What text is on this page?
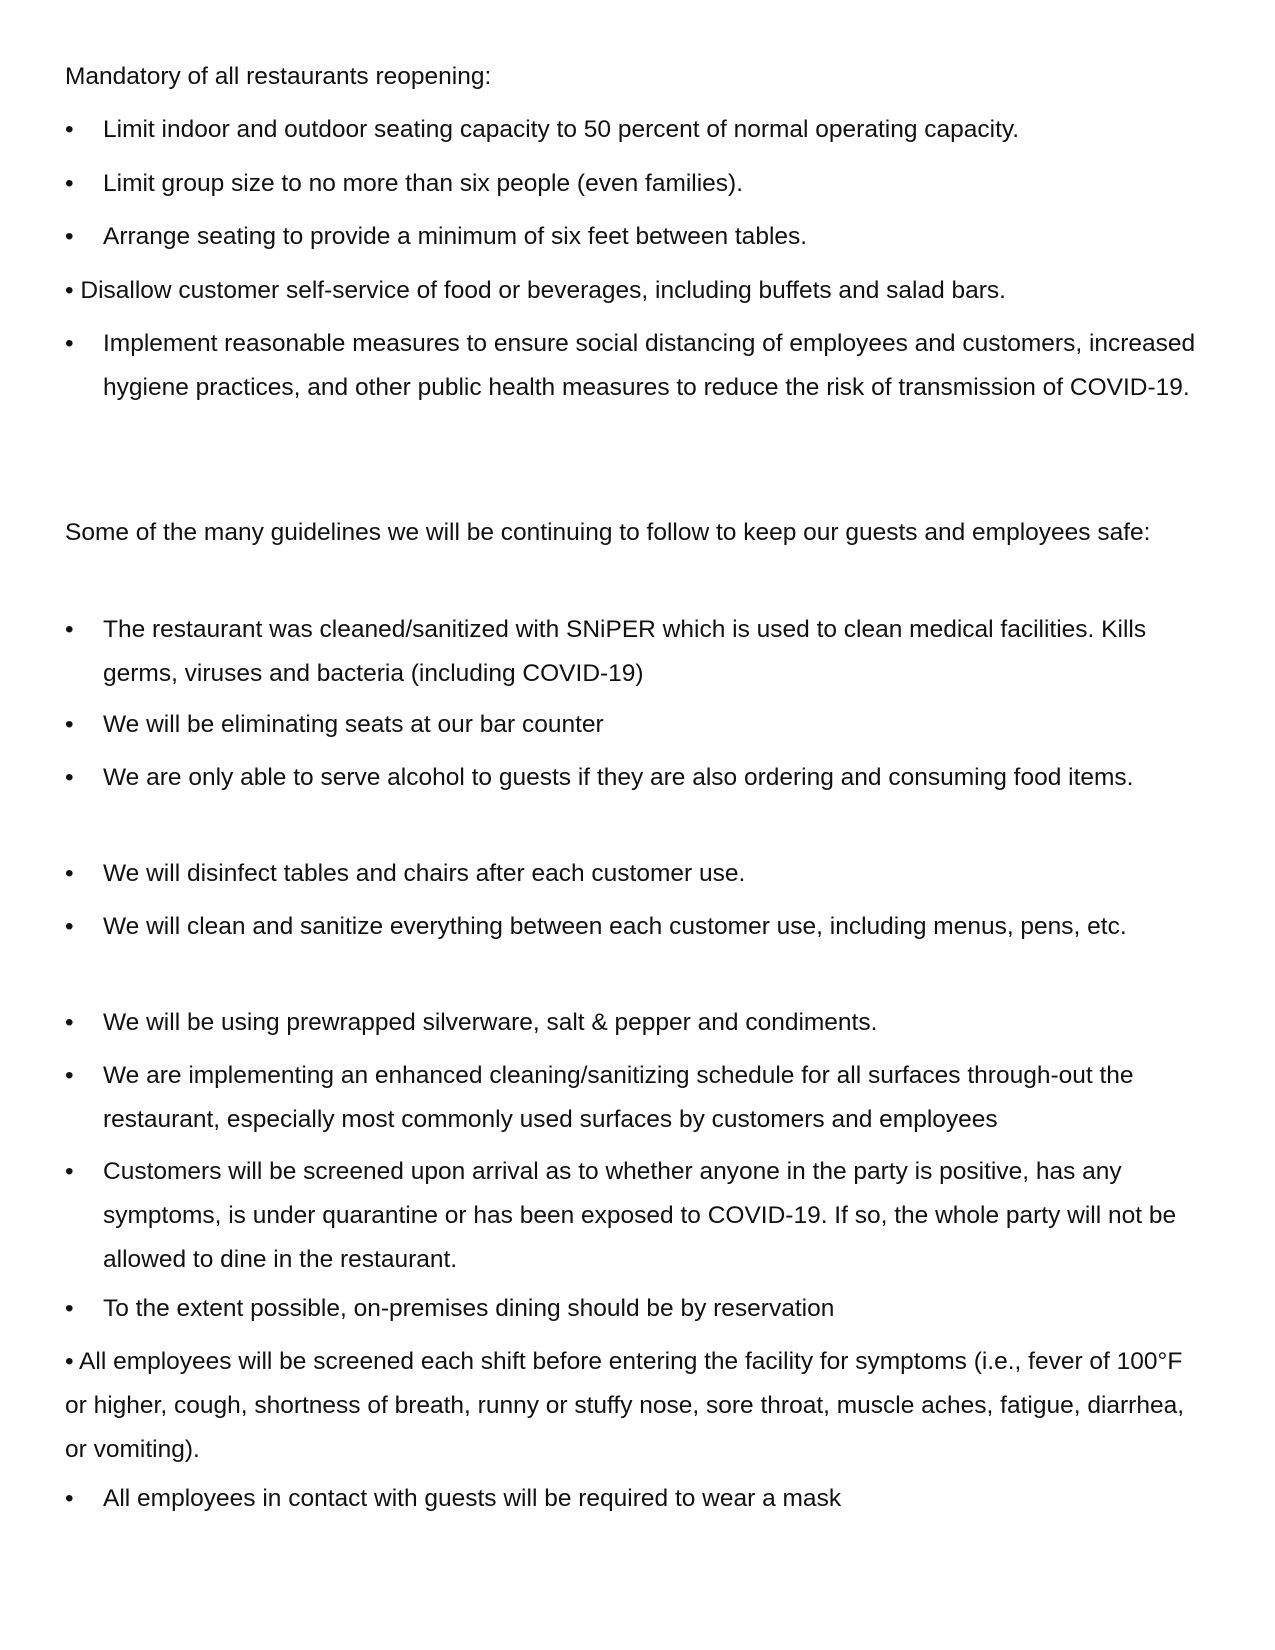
Mandatory of all restaurants reopening:

•	Limit indoor and outdoor seating capacity to 50 percent of normal operating capacity.
•	Limit group size to no more than six people (even families).
•	Arrange seating to provide a minimum of six feet between tables.
• Disallow customer self-service of food or beverages, including buffets and salad bars.
•	Implement reasonable measures to ensure social distancing of employees and customers, increased hygiene practices, and other public health measures to reduce the risk of transmission of COVID-19.

Some of the many guidelines we will be continuing to follow to keep our guests and employees safe:

•	The restaurant was cleaned/sanitized with SNiPER which is used to clean medical facilities. Kills germs, viruses and bacteria (including COVID-19)
•	We will be eliminating seats at our bar counter
•	We are only able to serve alcohol to guests if they are also ordering and consuming food items.
•	We will disinfect tables and chairs after each customer use.
•	We will clean and sanitize everything between each customer use, including menus, pens, etc.
•	We will be using prewrapped silverware, salt & pepper and condiments.
•	We are implementing an enhanced cleaning/sanitizing schedule for all surfaces through-out the restaurant, especially most commonly used surfaces by customers and employees
•	Customers will be screened upon arrival as to whether anyone in the party is positive, has any symptoms, is under quarantine or has been exposed to COVID-19. If so, the whole party will not be allowed to dine in the restaurant.
•	To the extent possible, on-premises dining should be by reservation
• All employees will be screened each shift before entering the facility for symptoms (i.e., fever of 100°F or higher, cough, shortness of breath, runny or stuffy nose, sore throat, muscle aches, fatigue, diarrhea, or vomiting).
•	All employees in contact with guests will be required to wear a mask
